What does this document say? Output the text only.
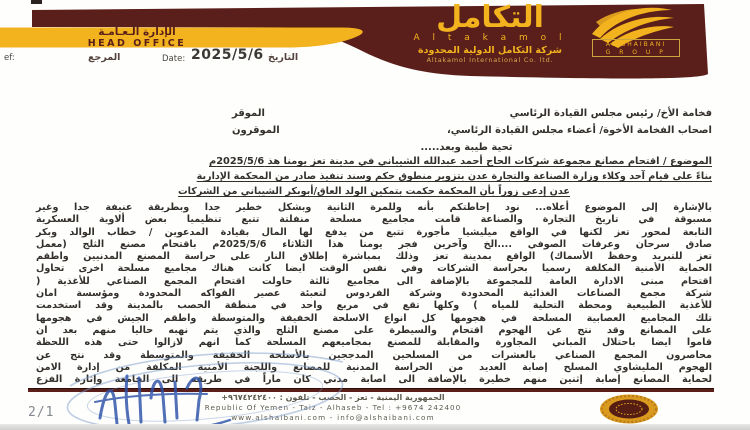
الإدارة الـعـامـة
HEAD OFFICE
التكامل
A l t a k a m o l
شركة التكامل الدولية المحدودة
Altakamol International Co. ltd.
AL-SHAIBANI
G R O U P
ef:	المرجع	Date: 2025/5/6 التاريخ
فخامة الأخ/ رئيس مجلس القيادة الرئاسي
الموقر
اصحاب الفخامة الأخوة/ أعضاء مجلس القيادة الرئاسي،
الموقرون
تحية طيبة وبعد.....
الموضوع / اقتحام مصانع مجموعة شركات الحاج أحمد عبدالله الشيباني في مدينة تعز يومنا هذ 2025/5/6م
بناءً على قيام آحد وكلاء وزارة الصناعة والتجارة عدن بتزوير منطوق حكم وسند تنفيذ صادر من المحكمة الإدارية
عدن إدعى زوراً بأن المحكمة حكمت بتمكين الولد العاق/أبوبكر الشيباني من الشركات
بالإشارة إلى الموضوع أعلاه... نود إحاطتكم بأنه وللمرة الثانية وبشكل خطير جدا وبطريقة عنيفة جدا وغير
مسبوقة في تاريخ التجارة والصناعة قامت مجاميع مسلحة منفلتة تتبع تنظيميا بعض ألاوية العسكرية
التابعة لمحور تعز لكنها في الواقع ميليشيا مأجورة تتبع من يدفع لها المال بقيادة المدعوين / خطاب الوالد وبكر
صادق سرحان وعرفات الصوفي ....الخ وآخرين فجر يومنا هذا الثلاثاء 2025/5/6م باقتحام مصنع الثلج (معمل
تعز للتبريد وحفظ الأسماك) الواقع بمدينة تعز وذلك بمباشرة إطلاق النار على حراسة المصنع المدنيين واطقم
الحماية الأمنية المكلفة رسميا بحراسة الشركات وفي نفس الوقت ايضا كانت هناك مجاميع مسلحة اخرى تحاول
اقتحام مبنى الادارة العامة للمجموعة بالإضافة الى مجاميع ثالثة حاولت اقتحام المجمع الصناعي للأغذية (
شركة مجمع الصناعات الغذائية المحدودة وشركة الفردوس لتعبئة عصير الفواكه المحدودة ومؤسسة امان
للأغذية الطبيعية ومحطة التحلية للمياه ) وكلها تقع في مربع واحد في منطقة الحصب بالمدينة وقد استخدمت
تلك المجاميع العصابية المسلحة في هجومها كل انواع الاسلحة الخفيفة والمتوسطة واطقم الجيش في هجومها
على المصانع وقد نتج عن الهجوم اقتحام والسيطرة على مصنع الثلج والذي يتم نهبه حاليا منهم بعد ان
قاموا ايضا باحتلال المباني المجاورة والمقابلة للمصنع بمجاميعهم المسلحة كما انهم لازالوا حتى هذه اللحظة
محاصرون المجمع الصناعي بالعشرات من المسلحين المدججين بالأسلحة الخفيفة والمتوسطة وقد نتج عن
الهجوم المليشاوي المسلح إصابة العديد من الحراسة المدنية للمصانع واللجنة الأمنية المكلفة من إدارة الامن
لحماية المصانع إصابة إثنين منهم خطيرة بالإضافة الى اصابة مدني كان ماراً في طريقه الى الجامعة وإثارة الفزع
الجمهورية اليمنية - تعز - الحصب - تلفون : ٩٦٧٤٢٤٢٤٠٠+
Republic Of Yemen - Taiz - Alhaseb - Tel : +9674 242400
www.alshaibani.com - info@alshaibani.com
2/1
